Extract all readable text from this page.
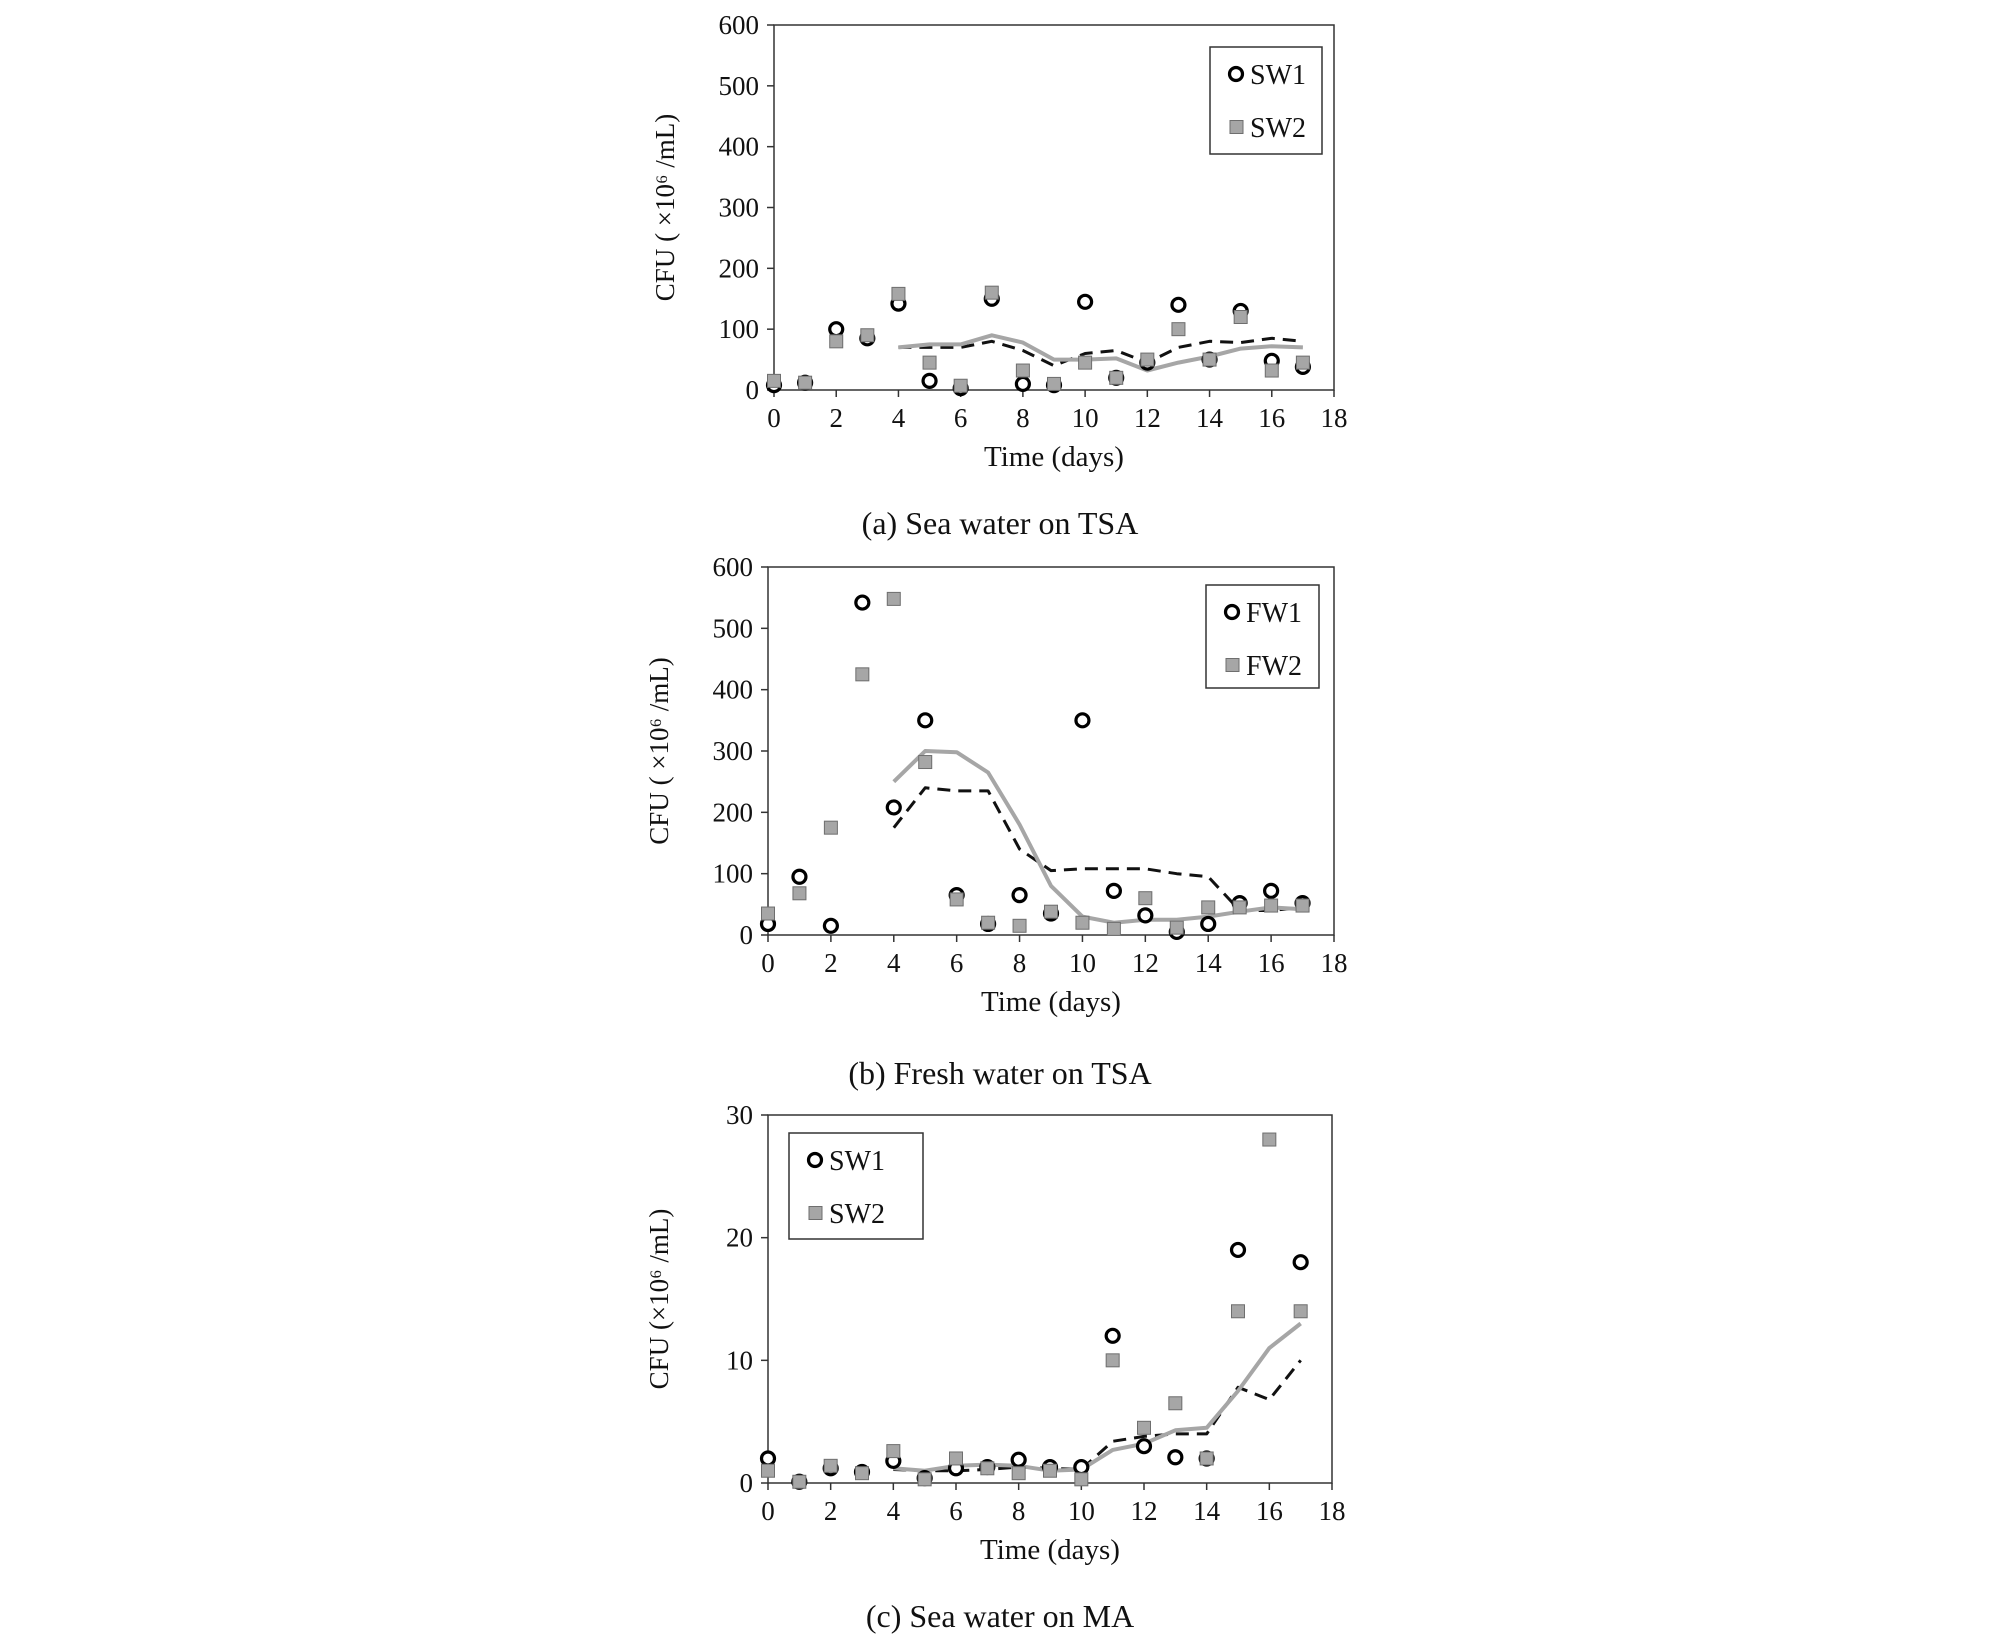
0 2 4 6 8 10 12 14 16 18
0
100
200
300
400
500
600
Time (days)
CFU ( ×10⁶ /mL)
SW1
SW2
(a) Sea water on TSA
0 2 4 6 8 10 12 14 16 18
0
100
200
300
400
500
600
Time (days)
CFU ( ×10⁶ /mL)
FW1
FW2
(b) Fresh water on TSA
0 2 4 6 8 10 12 14 16 18
0
10
20
30
Time (days)
CFU (×10⁶ /mL)
SW1
SW2
(c) Sea water on MA
